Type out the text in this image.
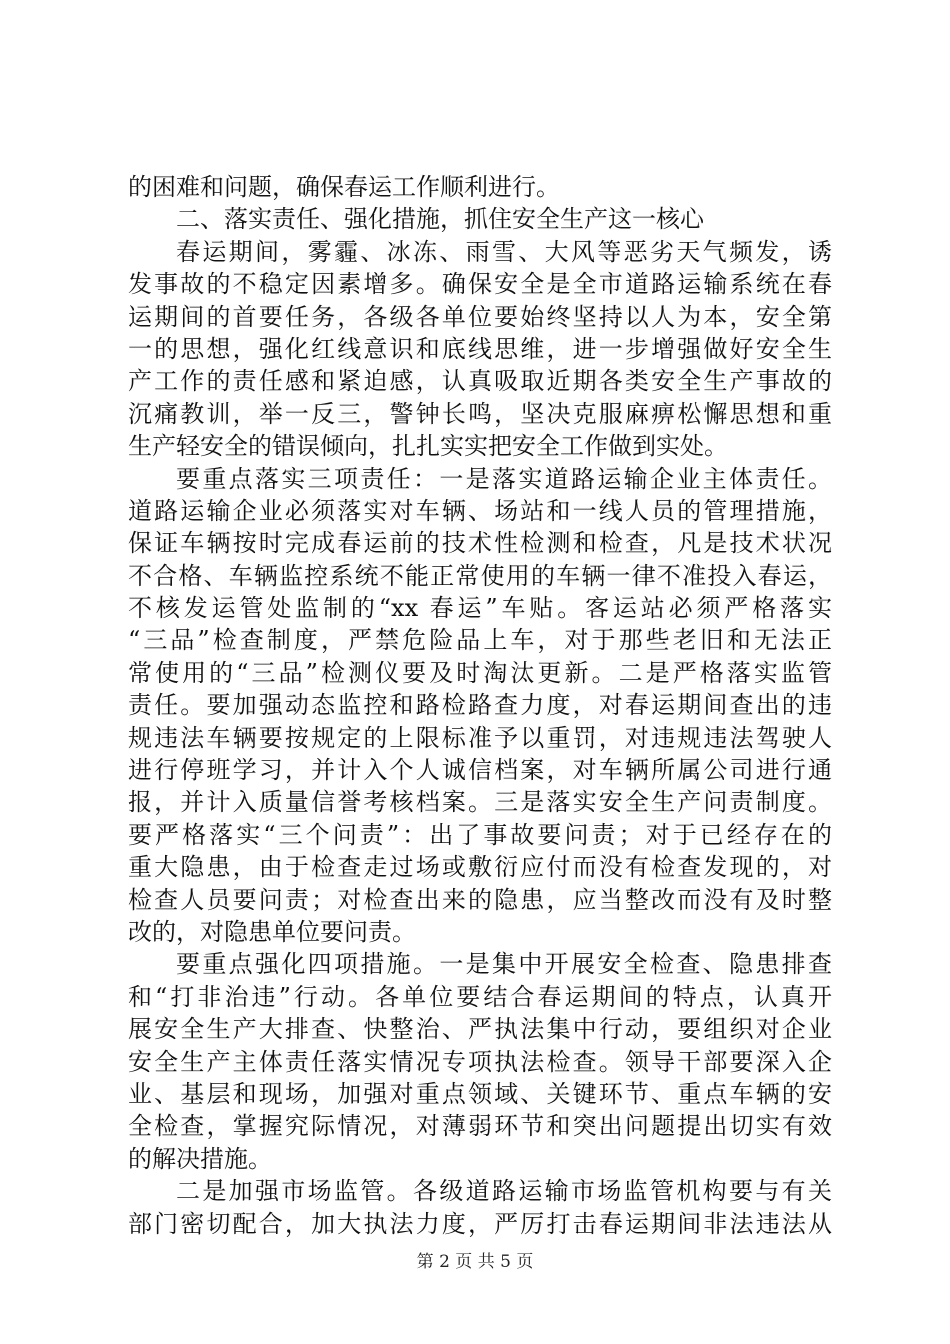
的困难和问题，确保春运工作顺利进行。
二、落实责任、强化措施，抓住安全生产这一核心
春运期间，雾霾、冰冻、雨雪、大风等恶劣天气频发，诱
发事故的不稳定因素增多。确保安全是全市道路运输系统在春
运期间的首要任务，各级各单位要始终坚持以人为本，安全第
一的思想，强化红线意识和底线思维，进一步增强做好安全生
产工作的责任感和紧迫感，认真吸取近期各类安全生产事故的
沉痛教训，举一反三，警钟长鸣，坚决克服麻痹松懈思想和重
生产轻安全的错误倾向，扎扎实实把安全工作做到实处。
要重点落实三项责任：一是落实道路运输企业主体责任。
道路运输企业必须落实对车辆、场站和一线人员的管理措施，
保证车辆按时完成春运前的技术性检测和检查，凡是技术状况
不合格、车辆监控系统不能正常使用的车辆一律不准投入春运，
不核发运管处监制的“xx 春运”车贴。客运站必须严格落实
“三品”检查制度，严禁危险品上车，对于那些老旧和无法正
常使用的“三品”检测仪要及时淘汰更新。二是严格落实监管
责任。要加强动态监控和路检路查力度，对春运期间查出的违
规违法车辆要按规定的上限标准予以重罚，对违规违法驾驶人
进行停班学习，并计入个人诚信档案，对车辆所属公司进行通
报，并计入质量信誉考核档案。三是落实安全生产问责制度。
要严格落实“三个问责”：出了事故要问责；对于已经存在的
重大隐患，由于检查走过场或敷衍应付而没有检查发现的，对
检查人员要问责；对检查出来的隐患，应当整改而没有及时整
改的，对隐患单位要问责。
要重点强化四项措施。一是集中开展安全检查、隐患排查
和“打非治违”行动。各单位要结合春运期间的特点，认真开
展安全生产大排查、快整治、严执法集中行动，要组织对企业
安全生产主体责任落实情况专项执法检查。领导干部要深入企
业、基层和现场，加强对重点领域、关键环节、重点车辆的安
全检查，掌握究际情况，对薄弱环节和突出问题提出切实有效
的解决措施。
二是加强市场监管。各级道路运输市场监管机构要与有关
部门密切配合，加大执法力度，严厉打击春运期间非法违法从
第 2 页 共 5 页
